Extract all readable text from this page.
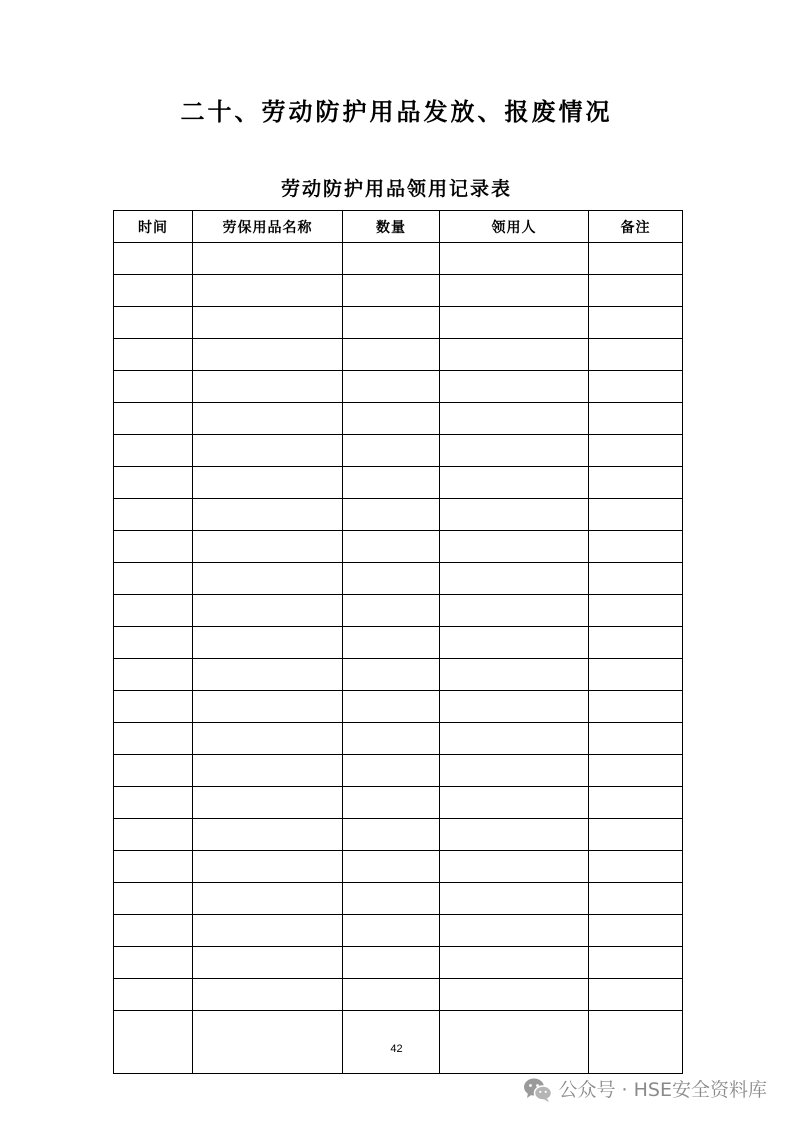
二十、劳动防护用品发放、报废情况
劳动防护用品领用记录表
时间	劳保用品名称	数量	领用人	备注

42
公众号 · HSE安全资料库
